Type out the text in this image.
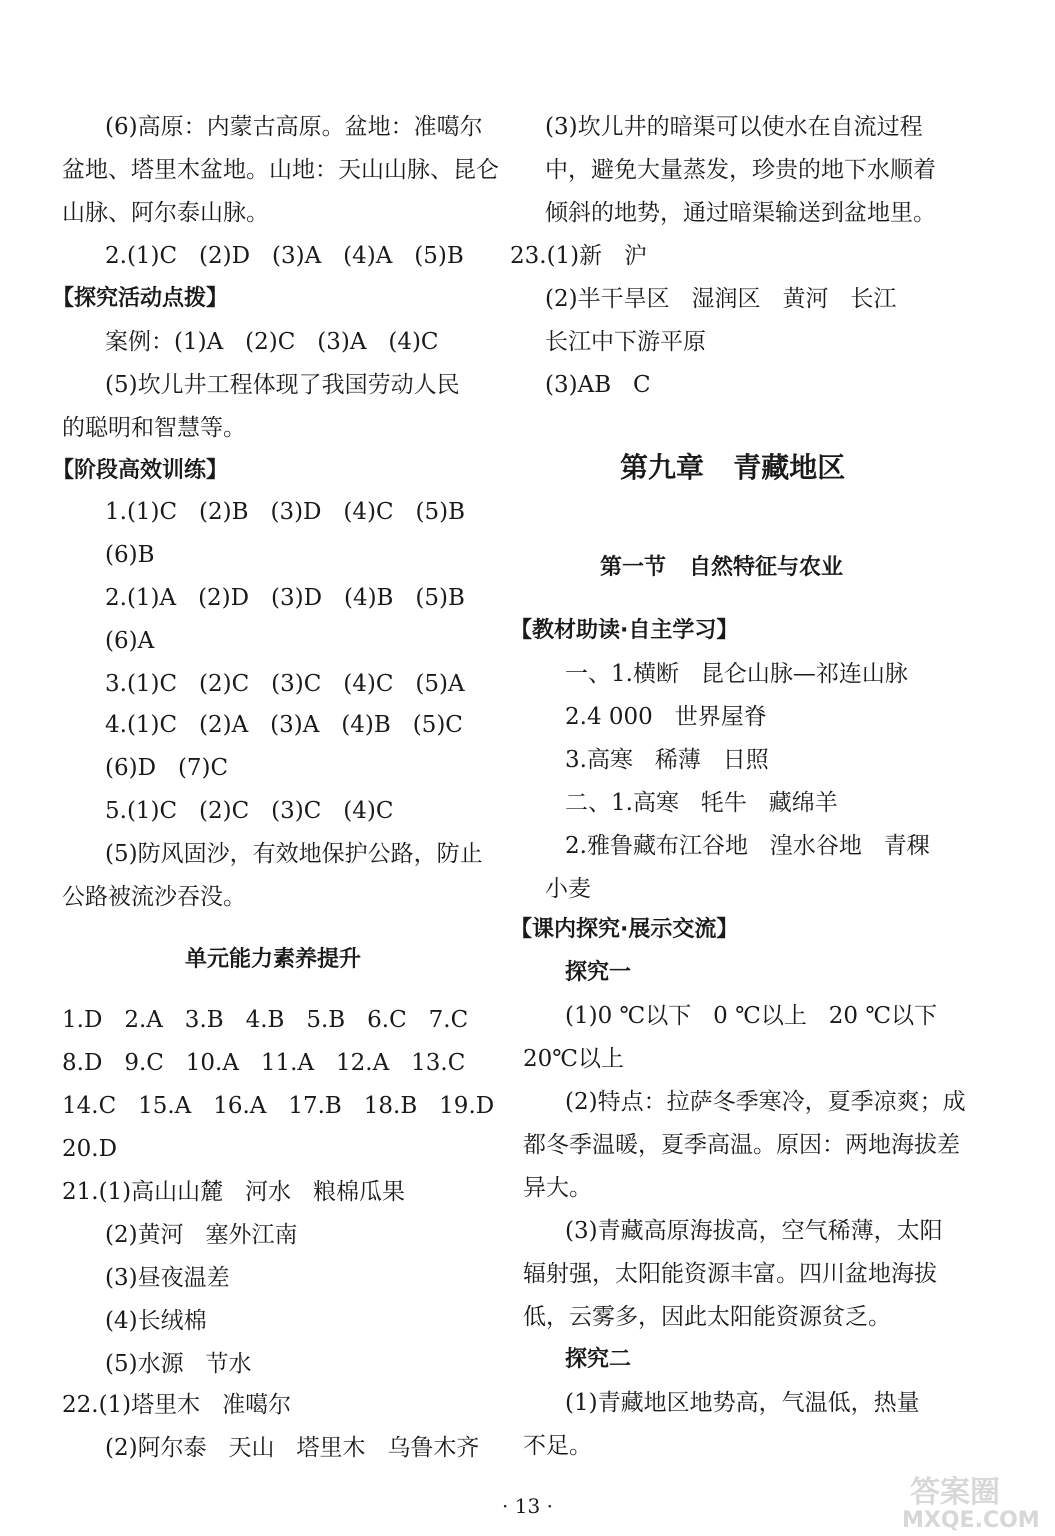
(6)高原：内蒙古高原。盆地：准噶尔
盆地、塔里木盆地。山地：天山山脉、昆仑
山脉、阿尔泰山脉。
2.(1)C   (2)D   (3)A   (4)A   (5)B
【探究活动点拨】
案例：(1)A   (2)C   (3)A   (4)C
(5)坎儿井工程体现了我国劳动人民
的聪明和智慧等。
【阶段高效训练】
1.(1)C   (2)B   (3)D   (4)C   (5)B
(6)B
2.(1)A   (2)D   (3)D   (4)B   (5)B
(6)A
3.(1)C   (2)C   (3)C   (4)C   (5)A
4.(1)C   (2)A   (3)A   (4)B   (5)C
(6)D   (7)C
5.(1)C   (2)C   (3)C   (4)C
(5)防风固沙，有效地保护公路，防止
公路被流沙吞没。
单元能力素养提升
1.D   2.A   3.B   4.B   5.B   6.C   7.C
8.D   9.C   10.A   11.A   12.A   13.C
14.C   15.A   16.A   17.B   18.B   19.D
20.D
21.(1)高山山麓   河水   粮棉瓜果
(2)黄河   塞外江南
(3)昼夜温差
(4)长绒棉
(5)水源   节水
22.(1)塔里木   准噶尔
(2)阿尔泰   天山   塔里木   乌鲁木齐
(3)坎儿井的暗渠可以使水在自流过程
中，避免大量蒸发，珍贵的地下水顺着
倾斜的地势，通过暗渠输送到盆地里。
23.(1)新   沪
(2)半干旱区   湿润区   黄河   长江
长江中下游平原
(3)AB   C
第九章   青藏地区
第一节   自然特征与农业
【教材助读·自主学习】
一、1.横断   昆仑山脉—祁连山脉
2.4 000   世界屋脊
3.高寒   稀薄   日照
二、1.高寒   牦牛   藏绵羊
2.雅鲁藏布江谷地   湟水谷地   青稞
小麦
【课内探究·展示交流】
探究一
(1)0 ℃以下   0 ℃以上   20 ℃以下
20℃以上
(2)特点：拉萨冬季寒冷，夏季凉爽；成
都冬季温暖，夏季高温。原因：两地海拔差
异大。
(3)青藏高原海拔高，空气稀薄，太阳
辐射强，太阳能资源丰富。四川盆地海拔
低，云雾多，因此太阳能资源贫乏。
探究二
(1)青藏地区地势高，气温低，热量
不足。
· 13 ·	答案圈
MXQE.COM
